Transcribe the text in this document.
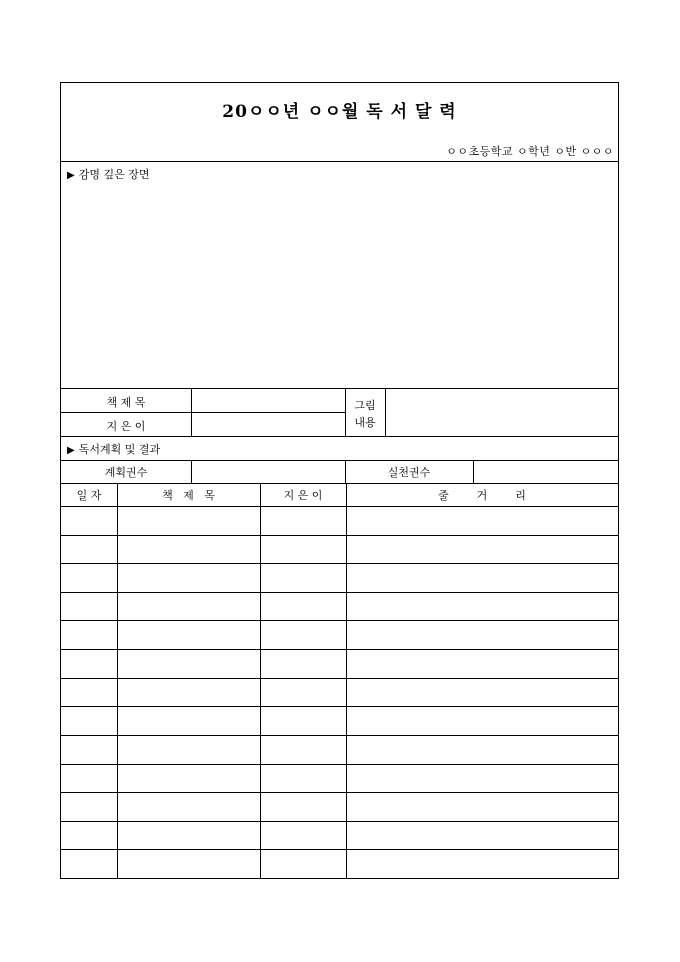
20ㅇㅇ년 ㅇㅇ월 독 서 달 력
ㅇㅇ초등학교 ㅇ학년 ㅇ반 ㅇㅇㅇ
▶ 감명 깊은 장면
책 제 목
지 은 이
그림
내용
▶ 독서계획 및 결과
계획권수	실천권수
일 자	책   제   목	지 은 이	줄        거        리
